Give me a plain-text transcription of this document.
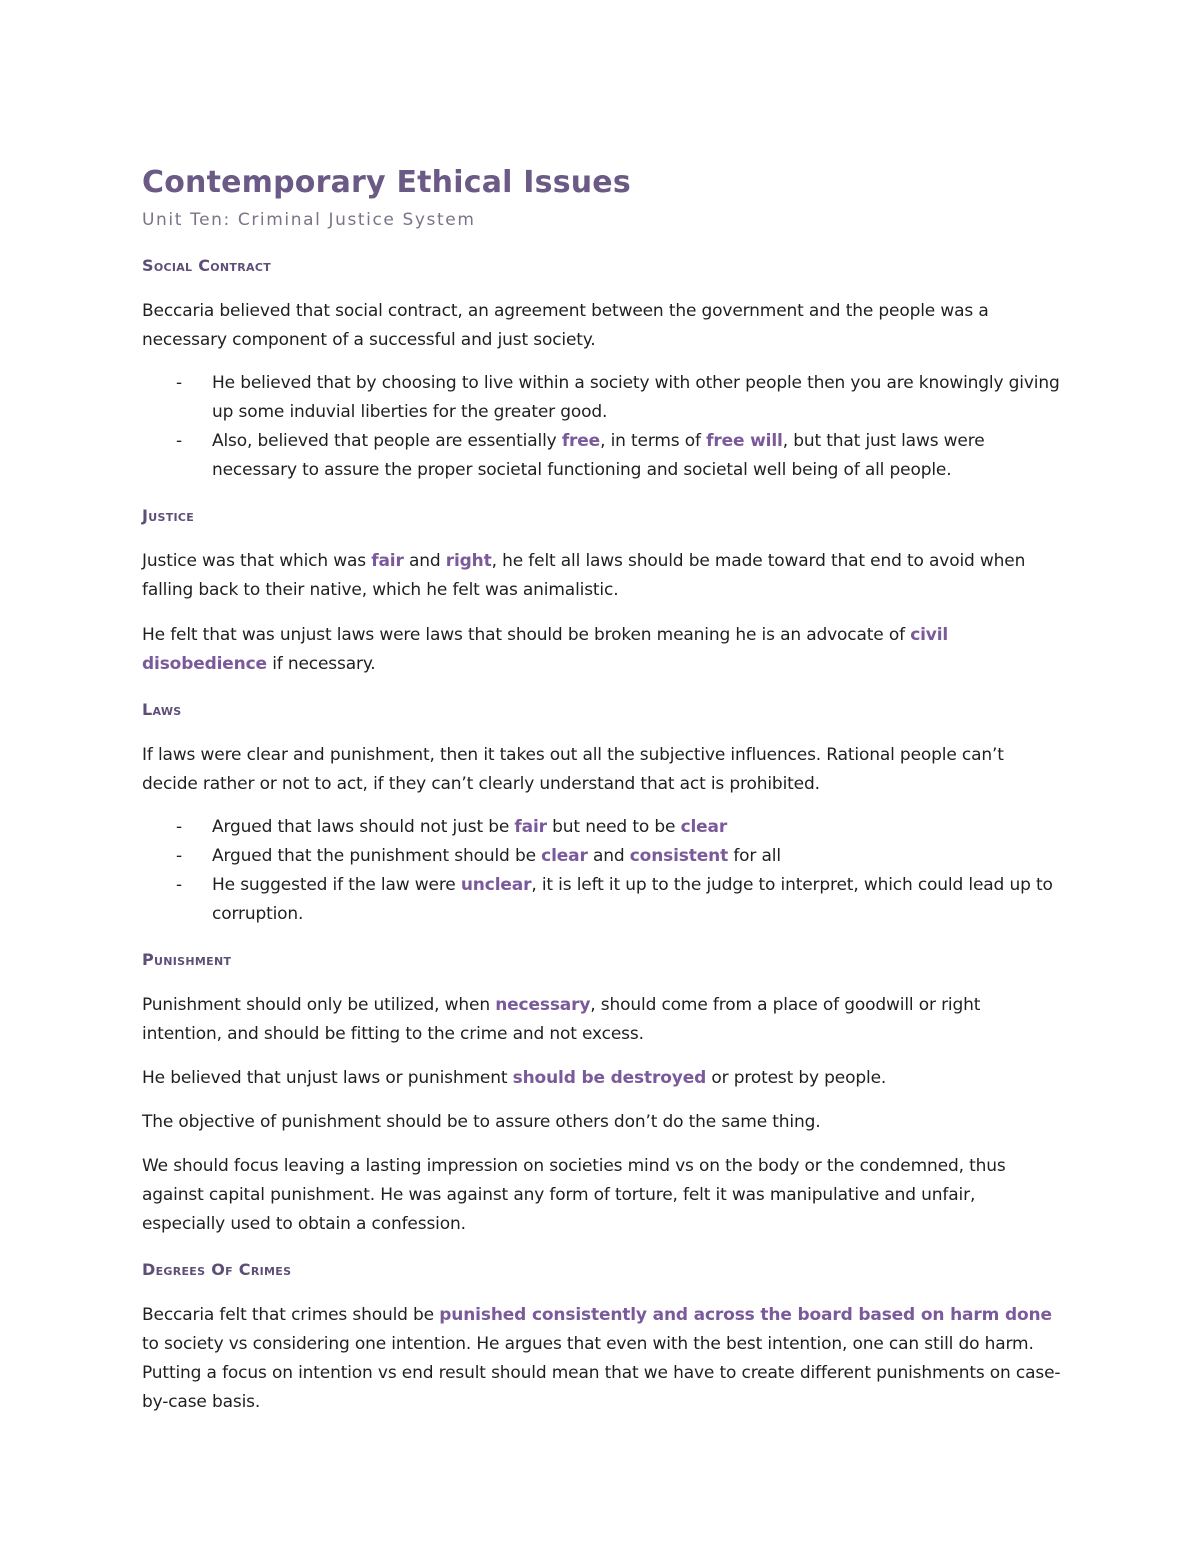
Contemporary Ethical Issues
Unit Ten: Criminal Justice System
Social Contract

Beccaria believed that social contract, an agreement between the government and the people was a necessary component of a successful and just society.

- He believed that by choosing to live within a society with other people then you are knowingly giving up some induvial liberties for the greater good.
- Also, believed that people are essentially free, in terms of free will, but that just laws were necessary to assure the proper societal functioning and societal well being of all people.
Justice

Justice was that which was fair and right, he felt all laws should be made toward that end to avoid when falling back to their native, which he felt was animalistic.

He felt that was unjust laws were laws that should be broken meaning he is an advocate of civil disobedience if necessary.

Laws

If laws were clear and punishment, then it takes out all the subjective influences. Rational people can’t decide rather or not to act, if they can’t clearly understand that act is prohibited.

- Argued that laws should not just be fair but need to be clear
- Argued that the punishment should be clear and consistent for all
- He suggested if the law were unclear, it is left it up to the judge to interpret, which could lead up to corruption.
Punishment

Punishment should only be utilized, when necessary, should come from a place of goodwill or right intention, and should be fitting to the crime and not excess.

He believed that unjust laws or punishment should be destroyed or protest by people.

The objective of punishment should be to assure others don’t do the same thing.

We should focus leaving a lasting impression on societies mind vs on the body or the condemned, thus against capital punishment. He was against any form of torture, felt it was manipulative and unfair, especially used to obtain a confession.

Degrees Of Crimes

Beccaria felt that crimes should be punished consistently and across the board based on harm done to society vs considering one intention. He argues that even with the best intention, one can still do harm. Putting a focus on intention vs end result should mean that we have to create different punishments on case-by-case basis.
